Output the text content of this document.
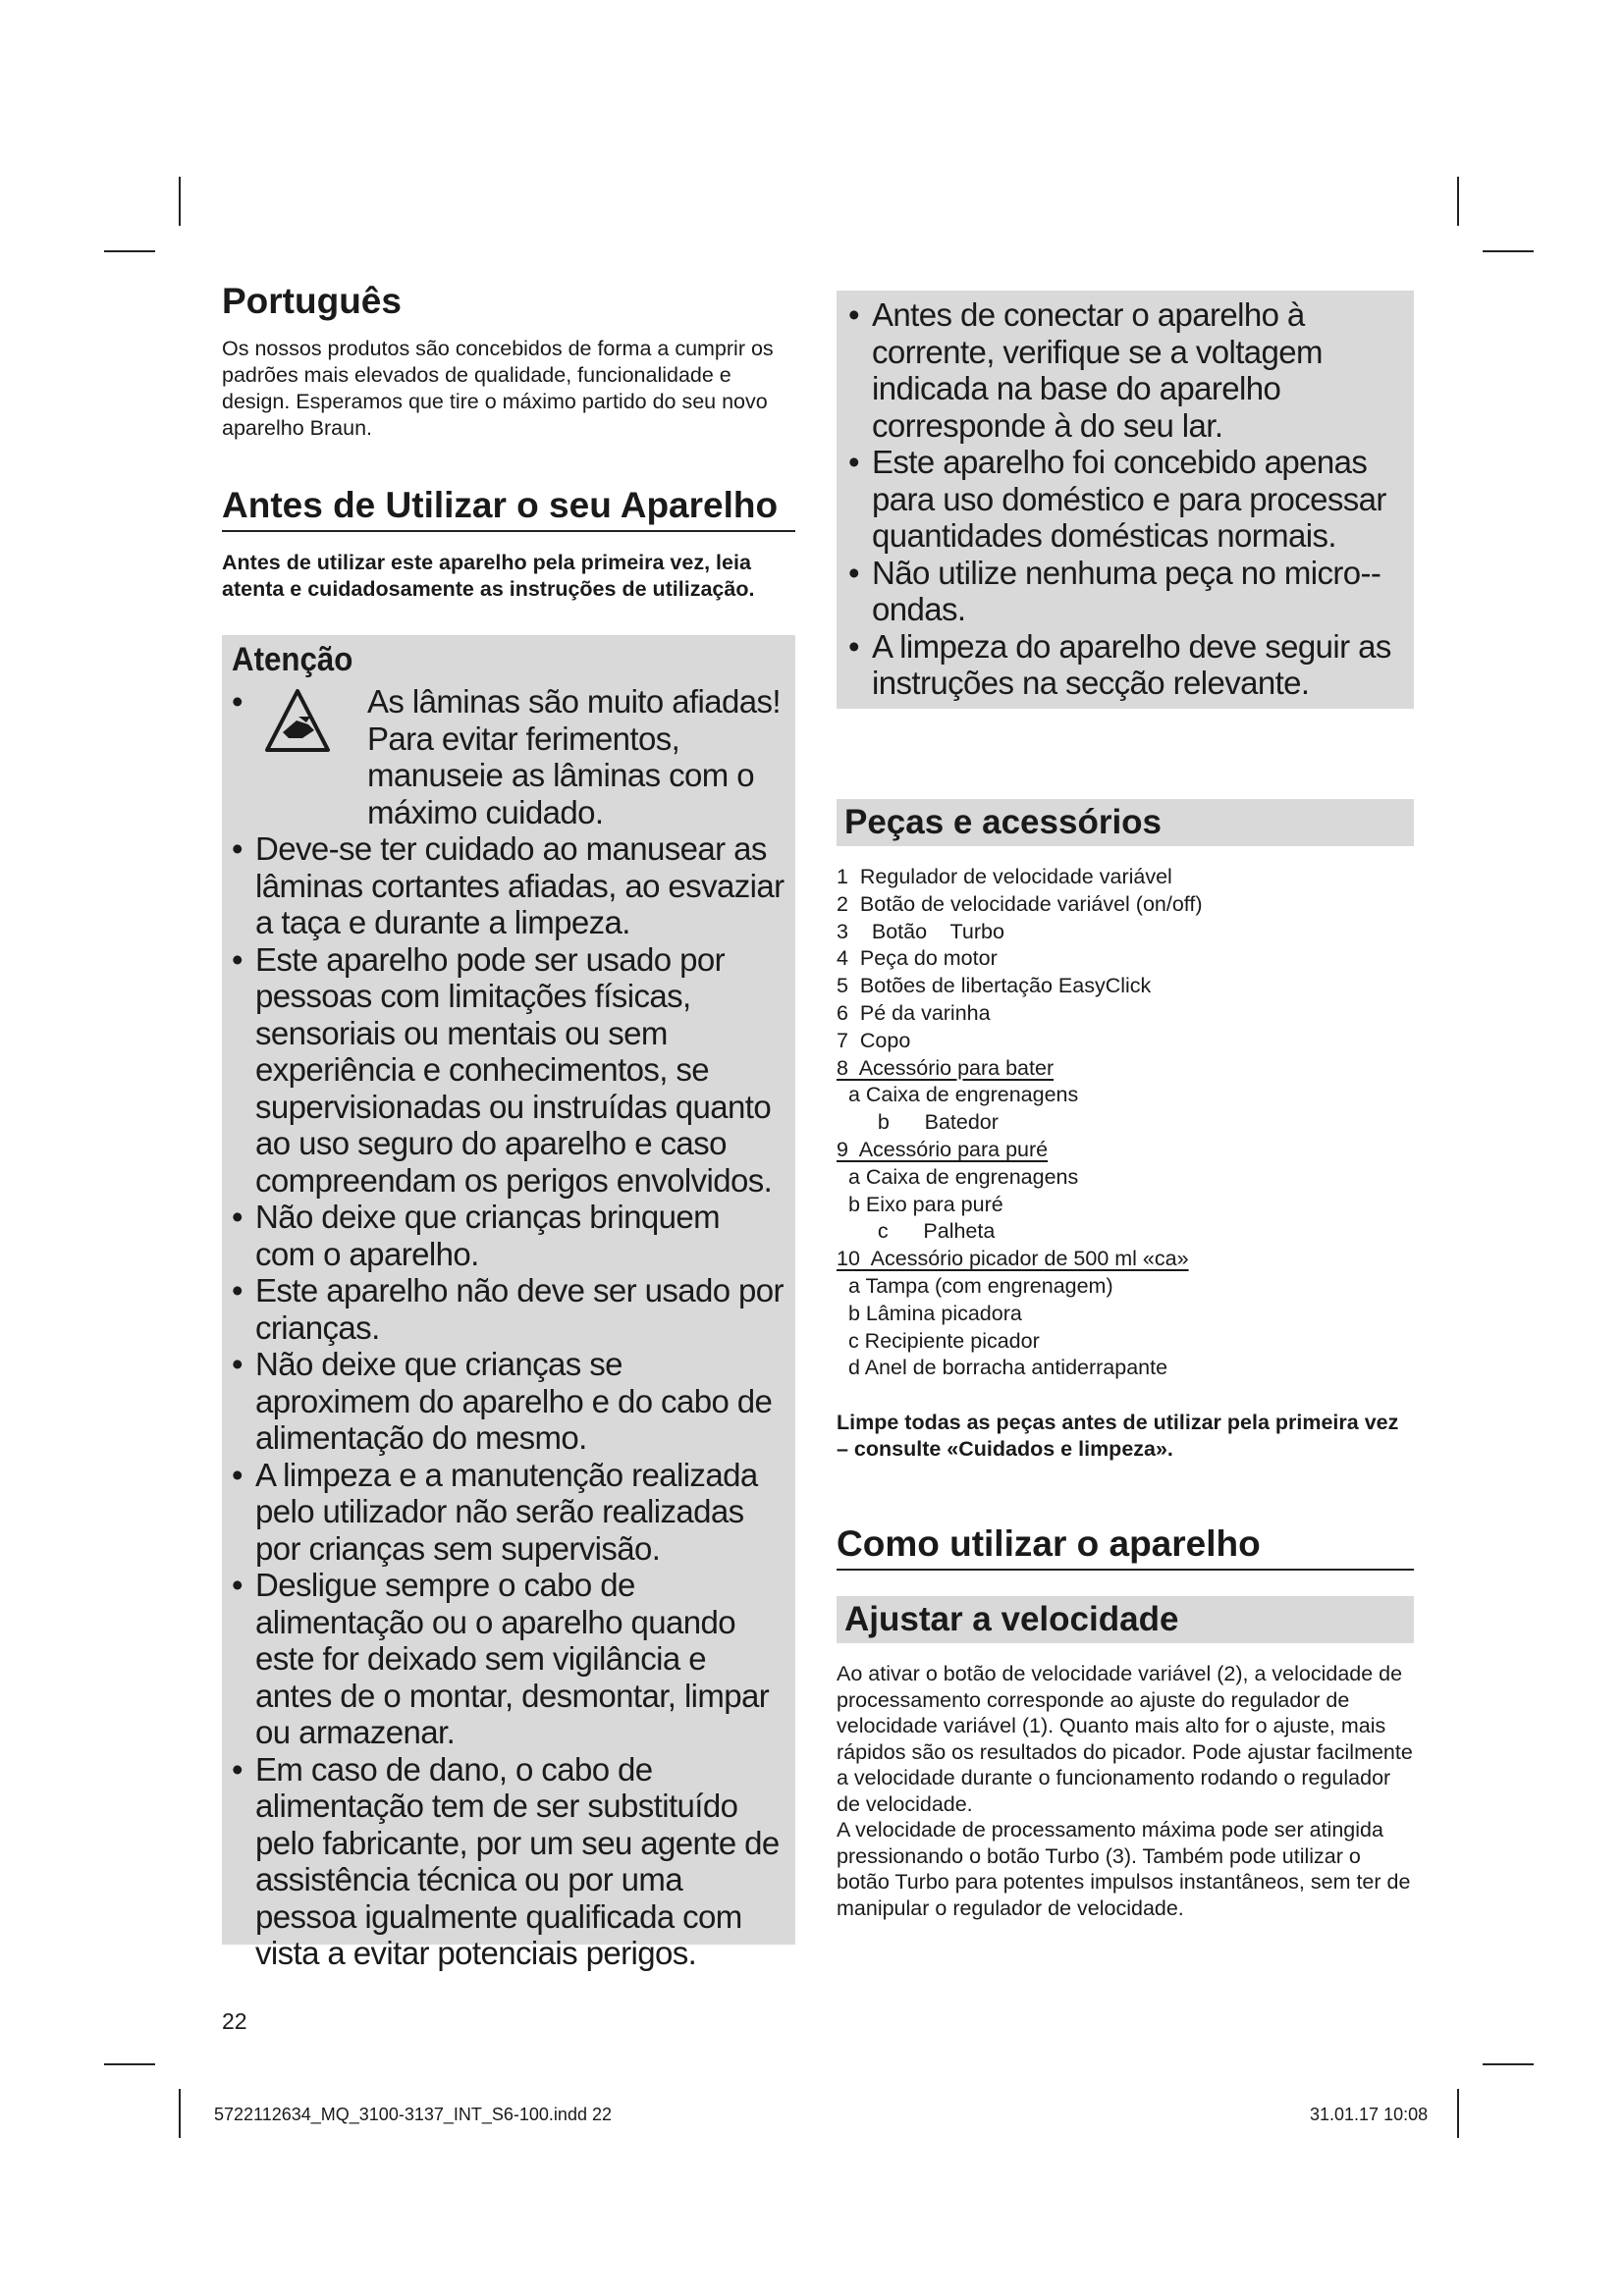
Português

Os nossos produtos são concebidos de forma a cumprir os padrões mais elevados de qualidade, funcionalidade e design. Esperamos que tire o máximo partido do seu novo aparelho Braun.

Antes de Utilizar o seu Aparelho

Antes de utilizar este aparelho pela primeira vez, leia atenta e cuidadosamente as instruções de utilização.

Atenção
•	As lâminas são muito afiadas! Para evitar ferimentos, manuseie as lâminas com o máximo cuidado.
• Deve-se ter cuidado ao manusear as lâminas cortantes afiadas, ao esvaziar a taça e durante a limpeza.
• Este aparelho pode ser usado por pessoas com limitações físicas, sensoriais ou mentais ou sem experiência e conhecimentos, se supervisionadas ou instruídas quanto ao uso seguro do aparelho e caso compreendam os perigos envolvidos.
• Não deixe que crianças brinquem com o aparelho.
• Este aparelho não deve ser usado por crianças.
• Não deixe que crianças se aproximem do aparelho e do cabo de alimentação do mesmo.
• A limpeza e a manutenção realizada pelo utilizador não serão realizadas por crianças sem supervisão.
• Desligue sempre o cabo de alimentação ou o aparelho quando este for deixado sem vigilância e antes de o montar, desmontar, limpar ou armazenar.
• Em caso de dano, o cabo de alimentação tem de ser substituído pelo fabricante, por um seu agente de assistência técnica ou por uma pessoa igualmente qualificada com vista a evitar potenciais perigos.
• Antes de conectar o aparelho à corrente, verifique se a voltagem indicada na base do aparelho corresponde à do seu lar.
• Este aparelho foi concebido apenas para uso doméstico e para processar quantidades domésticas normais.
• Não utilize nenhuma peça no micro--ondas.
• A limpeza do aparelho deve seguir as instruções na secção relevante.
Peças e acessórios
1  Regulador de velocidade variável
2  Botão de velocidade variável (on/off)
3    Botão    Turbo
4  Peça do motor
5  Botões de libertação EasyClick
6  Pé da varinha
7  Copo
8  Acessório para bater
a Caixa de engrenagens
b      Batedor
9  Acessório para puré
a Caixa de engrenagens
b Eixo para puré
c      Palheta
10  Acessório picador de 500 ml «ca»
a Tampa (com engrenagem)
b Lâmina picadora
c Recipiente picador
d Anel de borracha antiderrapante

Limpe todas as peças antes de utilizar pela primeira vez – consulte «Cuidados e limpeza».

Como utilizar o aparelho
Ajustar a velocidade
Ao ativar o botão de velocidade variável (2), a velocidade de processamento corresponde ao ajuste do regulador de velocidade variável (1). Quanto mais alto for o ajuste, mais rápidos são os resultados do picador. Pode ajustar facilmente a velocidade durante o funcionamento rodando o regulador de velocidade.
A velocidade de processamento máxima pode ser atingida pressionando o botão Turbo (3). Também pode utilizar o botão Turbo para potentes impulsos instantâneos, sem ter de manipular o regulador de velocidade.
22
5722112634_MQ_3100-3137_INT_S6-100.indd 22	31.01.17 10:08
